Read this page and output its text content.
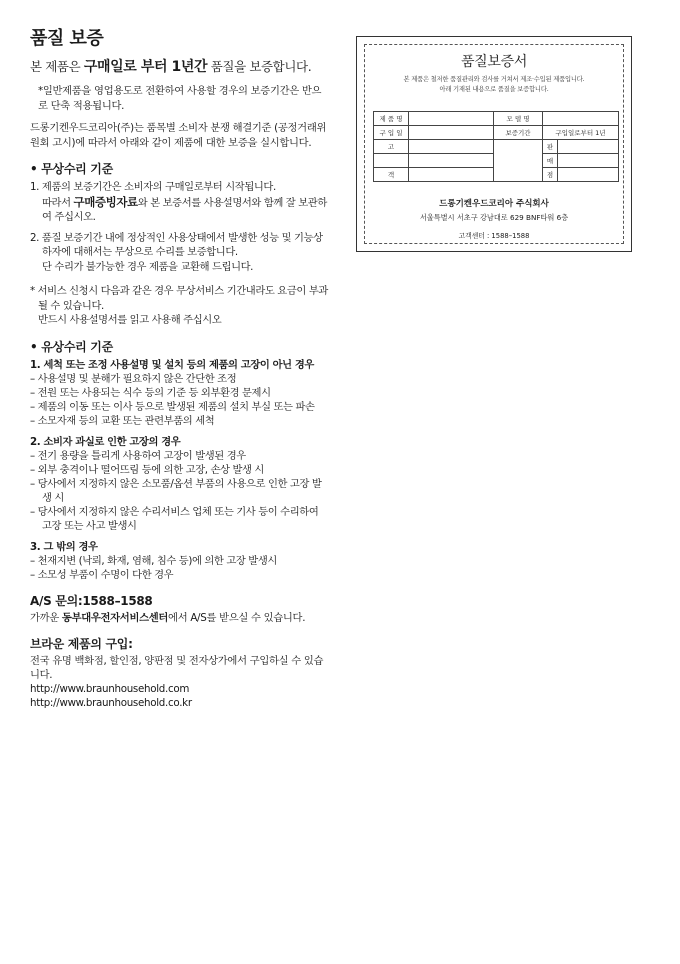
품질 보증
본 제품은 구매일로 부터 1년간 품질을 보증합니다.
*일반제품을 영업용도로 전환하여 사용할 경우의 보증기간은 반으로 단축 적용됩니다.
드롱기켄우드코리아(주)는 품목별 소비자 분쟁 해결기준 (공정거래위원회 고시)에 따라서 아래와 같이 제품에 대한 보증을 실시합니다.
• 무상수리 기준
1. 제품의 보증기간은 소비자의 구매일로부터 시작됩니다.
따라서 구매증빙자료와 본 보증서를 사용설명서와 함께 잘 보관하여 주십시오.
2. 품질 보증기간 내에 정상적인 사용상태에서 발생한 성능 및 기능상 하자에 대해서는 무상으로 수리를 보증합니다.
단 수리가 불가능한 경우 제품을 교환해 드립니다.
* 서비스 신청시 다음과 같은 경우 무상서비스 기간내라도 요금이 부과 될 수 있습니다.
반드시 사용설명서를 읽고 사용해 주십시오
• 유상수리 기준
1. 세척 또는 조정 사용설명 및 설치 등의 제품의 고장이 아닌 경우
– 사용설명 및 분해가 필요하지 않은 간단한 조정
– 전원 또는 사용되는 식수 등의 기준 등 외부환경 문제시
– 제품의 이동 또는 이사 등으로 발생된 제품의 설치 부실 또는 파손
– 소모자재 등의 교환 또는 관련부품의 세척
2. 소비자 과실로 인한 고장의 경우
– 전기 용량을 틀리게 사용하여 고장이 발생된 경우
– 외부 충격이나 떨어뜨림 등에 의한 고장, 손상 발생 시
– 당사에서 지정하지 않은 소모품/옵션 부품의 사용으로 인한 고장 발생 시
– 당사에서 지정하지 않은 수리서비스 업체 또는 기사 등이 수리하여 고장 또는 사고 발생시
3. 그 밖의 경우
– 천재지변 (낙뢰, 화재, 염해, 침수 등)에 의한 고장 발생시
– 소모성 부품이 수명이 다한 경우
A/S 문의:1588–1588
가까운 동부대우전자서비스센터에서 A/S를 받으실 수 있습니다.
브라운 제품의 구입:
전국 유명 백화점, 할인점, 양판점 및 전자상가에서 구입하실 수 있습니다.
http://www.braunhousehold.com
http://www.braunhousehold.co.kr
품질보증서
본 제품은 철저한 품질관리와 검사를 거쳐서 제조·수입된 제품입니다.
아래 기재된 내용으로 품질을 보증합니다.
제 품 명		모 델 명		
구 입 일		보증기간	구입일로부터 1년	
고			판	
			매	
객			점	
드롱기켄우드코리아 주식회사
서울특별시 서초구 강남대로 629 BNF타워 6층
고객센터 : 1588–1588
